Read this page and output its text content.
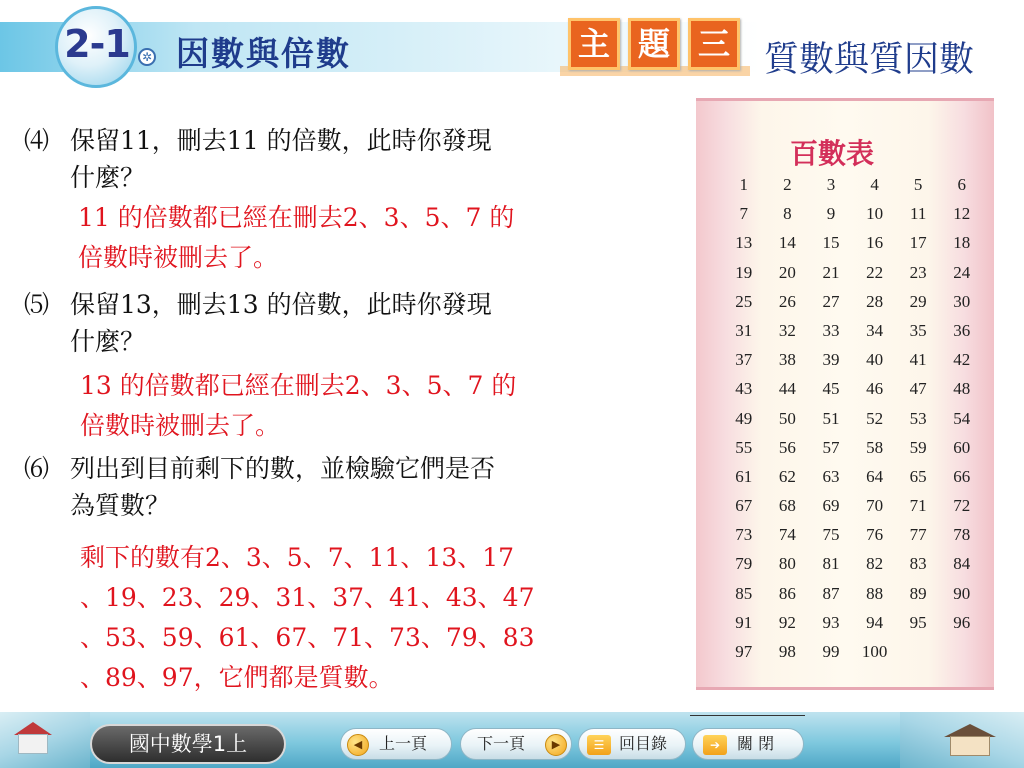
2-1	✲ 因數與倍數	主 題 三 質數與質因數
⑷ 保留11，刪去11 的倍數，此時你發現
什麼？
11 的倍數都已經在刪去2、3、5、7 的
倍數時被刪去了。
⑸ 保留13，刪去13 的倍數，此時你發現
什麼？
13 的倍數都已經在刪去2、3、5、7 的
倍數時被刪去了。
⑹ 列出到目前剩下的數，並檢驗它們是否
為質數？
剩下的數有2、3、5、7、11、13、17
、19、23、29、31、37、41、43、47
、53、59、61、67、71、73、79、83
、89、97，它們都是質數。
百數表
1	2	3	4	5	6
7	8	9	10	11	12
13	14	15	16	17	18
19	20	21	22	23	24
25	26	27	28	29	30
31	32	33	34	35	36
37	38	39	40	41	42
43	44	45	46	47	48
49	50	51	52	53	54
55	56	57	58	59	60
61	62	63	64	65	66
67	68	69	70	71	72
73	74	75	76	77	78
79	80	81	82	83	84
85	86	87	88	89	90
91	92	93	94	95	96
97	98	99	100
國中數學1上	◀	上一頁	下一頁	▶	☰ 回目錄	➔	關 閉
